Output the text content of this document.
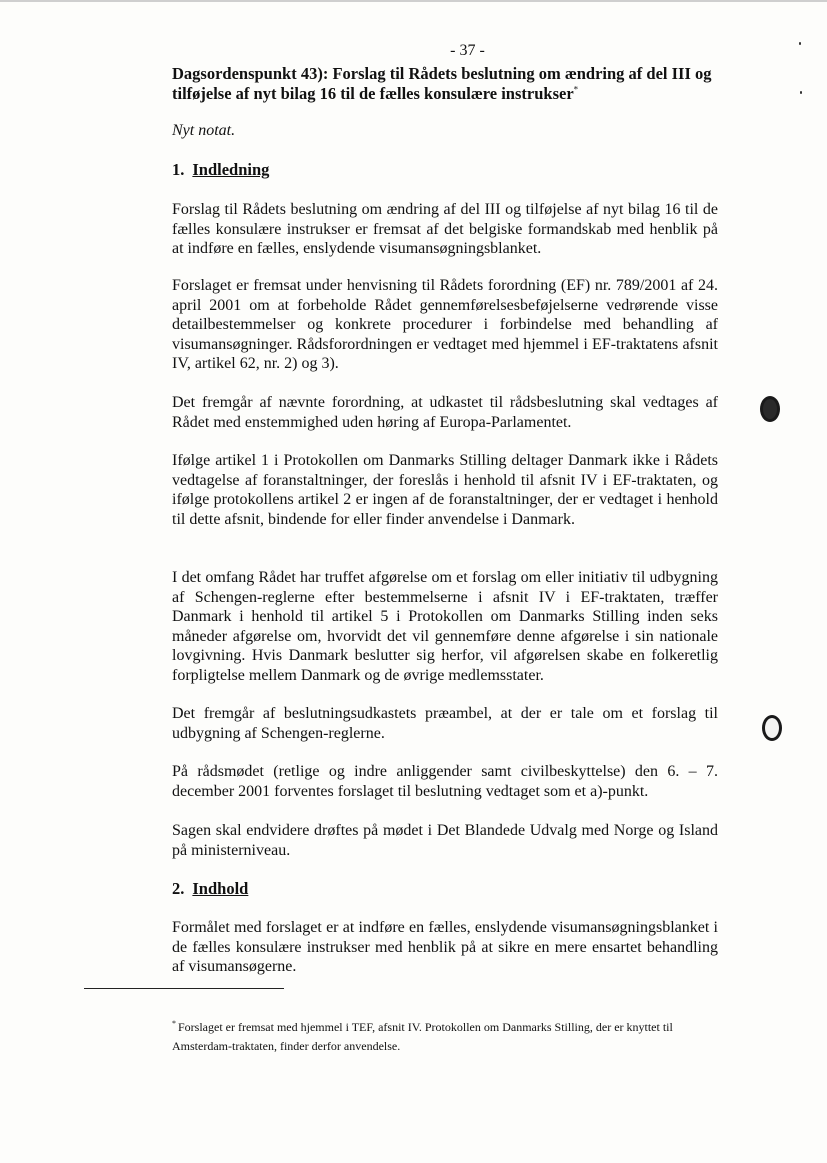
- 37 -
Dagsordenspunkt 43): Forslag til Rådets beslutning om ændring af del III og tilføjelse af nyt bilag 16 til de fælles konsulære instrukser*
Nyt notat.
1. Indledning
Forslag til Rådets beslutning om ændring af del III og tilføjelse af nyt bilag 16 til de fælles konsulære instrukser er fremsat af det belgiske formandskab med henblik på at indføre en fælles, enslydende visumansøgningsblanket.
Forslaget er fremsat under henvisning til Rådets forordning (EF) nr. 789/2001 af 24. april 2001 om at forbeholde Rådet gennemførelsesbeføjelserne vedrørende visse detailbestemmelser og konkrete procedurer i forbindelse med behandling af visumansøgninger. Rådsforordningen er vedtaget med hjemmel i EF-traktatens afsnit IV, artikel 62, nr. 2) og 3).
Det fremgår af nævnte forordning, at udkastet til rådsbeslutning skal vedtages af Rådet med enstemmighed uden høring af Europa-Parlamentet.
Ifølge artikel 1 i Protokollen om Danmarks Stilling deltager Danmark ikke i Rådets vedtagelse af foranstaltninger, der foreslås i henhold til afsnit IV i EF-traktaten, og ifølge protokollens artikel 2 er ingen af de foranstaltninger, der er vedtaget i henhold til dette afsnit, bindende for eller finder anvendelse i Danmark.
I det omfang Rådet har truffet afgørelse om et forslag om eller initiativ til udbygning af Schengen-reglerne efter bestemmelserne i afsnit IV i EF-traktaten, træffer Danmark i henhold til artikel 5 i Protokollen om Danmarks Stilling inden seks måneder afgørelse om, hvorvidt det vil gennemføre denne afgørelse i sin nationale lovgivning. Hvis Danmark beslutter sig herfor, vil afgørelsen skabe en folkeretlig forpligtelse mellem Danmark og de øvrige medlemsstater.
Det fremgår af beslutningsudkastets præambel, at der er tale om et forslag til udbygning af Schengen-reglerne.
På rådsmødet (retlige og indre anliggender samt civilbeskyttelse) den 6. – 7. december 2001 forventes forslaget til beslutning vedtaget som et a)-punkt.
Sagen skal endvidere drøftes på mødet i Det Blandede Udvalg med Norge og Island på ministerniveau.
2. Indhold
Formålet med forslaget er at indføre en fælles, enslydende visumansøgningsblanket i de fælles konsulære instrukser med henblik på at sikre en mere ensartet behandling af visumansøgerne.
* Forslaget er fremsat med hjemmel i TEF, afsnit IV. Protokollen om Danmarks Stilling, der er knyttet til Amsterdam-traktaten, finder derfor anvendelse.
